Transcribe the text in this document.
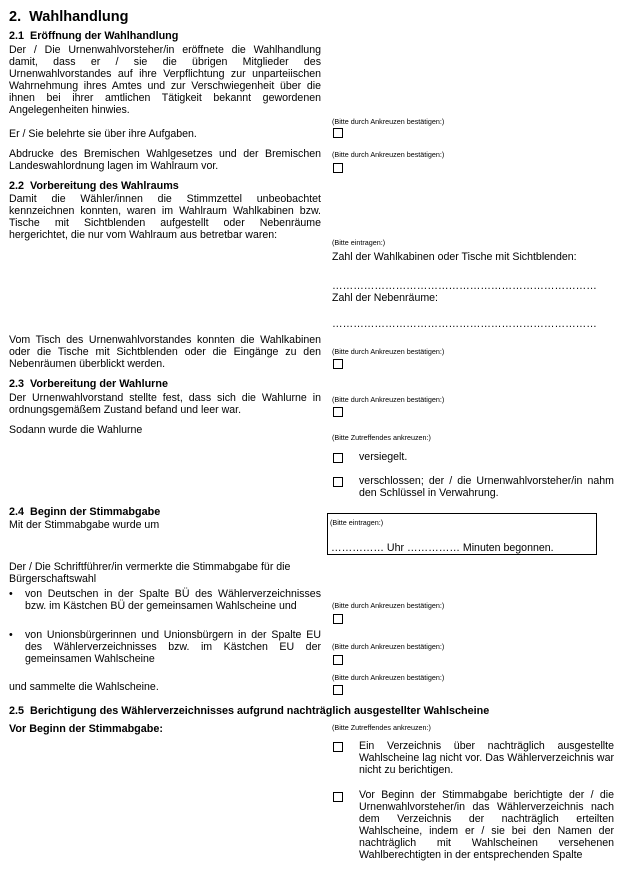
2. Wahlhandlung
2.1 Eröffnung der Wahlhandlung
Der / Die Urnenwahlvorsteher/in eröffnete die Wahlhandlung damit, dass er / sie die übrigen Mitglieder des Urnenwahlvorstandes auf ihre Verpflichtung zur unparteiischen Wahrnehmung ihres Amtes und zur Verschwiegenheit über die ihnen bei ihrer amtlichen Tätigkeit bekannt gewordenen Angelegenheiten hinwies.
Er / Sie belehrte sie über ihre Aufgaben.
(Bitte durch Ankreuzen bestätigen:)
Abdrucke des Bremischen Wahlgesetzes und der Bremischen Landeswahlordnung lagen im Wahlraum vor.
(Bitte durch Ankreuzen bestätigen:)
2.2 Vorbereitung des Wahlraums
Damit die Wähler/innen die Stimmzettel unbeobachtet kennzeichnen konnten, waren im Wahlraum Wahlkabinen bzw. Tische mit Sichtblenden aufgestellt oder Nebenräume hergerichtet, die nur vom Wahlraum aus betretbar waren:
(Bitte eintragen:)
Zahl der Wahlkabinen oder Tische mit Sichtblenden:
…………………………………………………………………
Zahl der Nebenräume:
…………………………………………………………………
Vom Tisch des Urnenwahlvorstandes konnten die Wahlkabinen oder die Tische mit Sichtblenden oder die Eingänge zu den Nebenräumen überblickt werden.
(Bitte durch Ankreuzen bestätigen:)
2.3 Vorbereitung der Wahlurne
Der Urnenwahlvorstand stellte fest, dass sich die Wahlurne in ordnungsgemäßem Zustand befand und leer war.
(Bitte durch Ankreuzen bestätigen:)
Sodann wurde die Wahlurne
(Bitte Zutreffendes ankreuzen:)
versiegelt.
verschlossen; der / die Urnenwahlvorsteher/in nahm den Schlüssel in Verwahrung.
2.4 Beginn der Stimmabgabe
Mit der Stimmabgabe wurde um	(Bitte eintragen:)
…………… Uhr …………… Minuten begonnen.
Der / Die Schriftführer/in vermerkte die Stimmabgabe für die Bürgerschaftswahl
• von Deutschen in der Spalte BÜ des Wählerverzeichnisses bzw. im Kästchen BÜ der gemeinsamen Wahlscheine und	(Bitte durch Ankreuzen bestätigen:)
• von Unionsbürgerinnen und Unionsbürgern in der Spalte EU des Wählerverzeichnisses bzw. im Kästchen EU der gemeinsamen Wahlscheine
(Bitte durch Ankreuzen bestätigen:)
und sammelte die Wahlscheine.
(Bitte durch Ankreuzen bestätigen:)
2.5 Berichtigung des Wählerverzeichnisses aufgrund nachträglich ausgestellter Wahlscheine
Vor Beginn der Stimmabgabe:	(Bitte Zutreffendes ankreuzen:)
Ein Verzeichnis über nachträglich ausgestellte Wahlscheine lag nicht vor. Das Wählerverzeichnis war nicht zu berichtigen.
Vor Beginn der Stimmabgabe berichtigte der / die Urnenwahlvorsteher/in das Wählerverzeichnis nach dem Verzeichnis der nachträglich erteilten Wahlscheine, indem er / sie bei den Namen der nachträglich mit Wahlscheinen versehenen Wahlberechtigten in der entsprechenden Spalte
